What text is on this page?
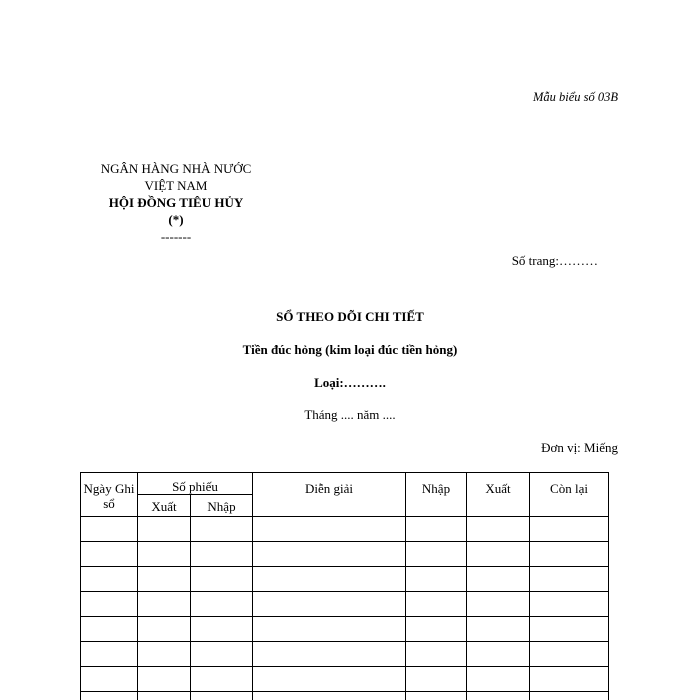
Mẫu biểu số 03B
NGÂN HÀNG NHÀ NƯỚC
VIỆT NAM
HỘI ĐỒNG TIÊU HỦY
(*)
-------
Số trang:………
SỔ THEO DÕI CHI TIẾT
Tiền đúc hỏng (kim loại đúc tiền hỏng)
Loại:……….
Tháng .... năm ....
Đơn vị: Miếng
Ngày Ghi sổ	Số phiếu		Diễn giải	Nhập	Xuất	Còn lại
	Xuất	Nhập				
